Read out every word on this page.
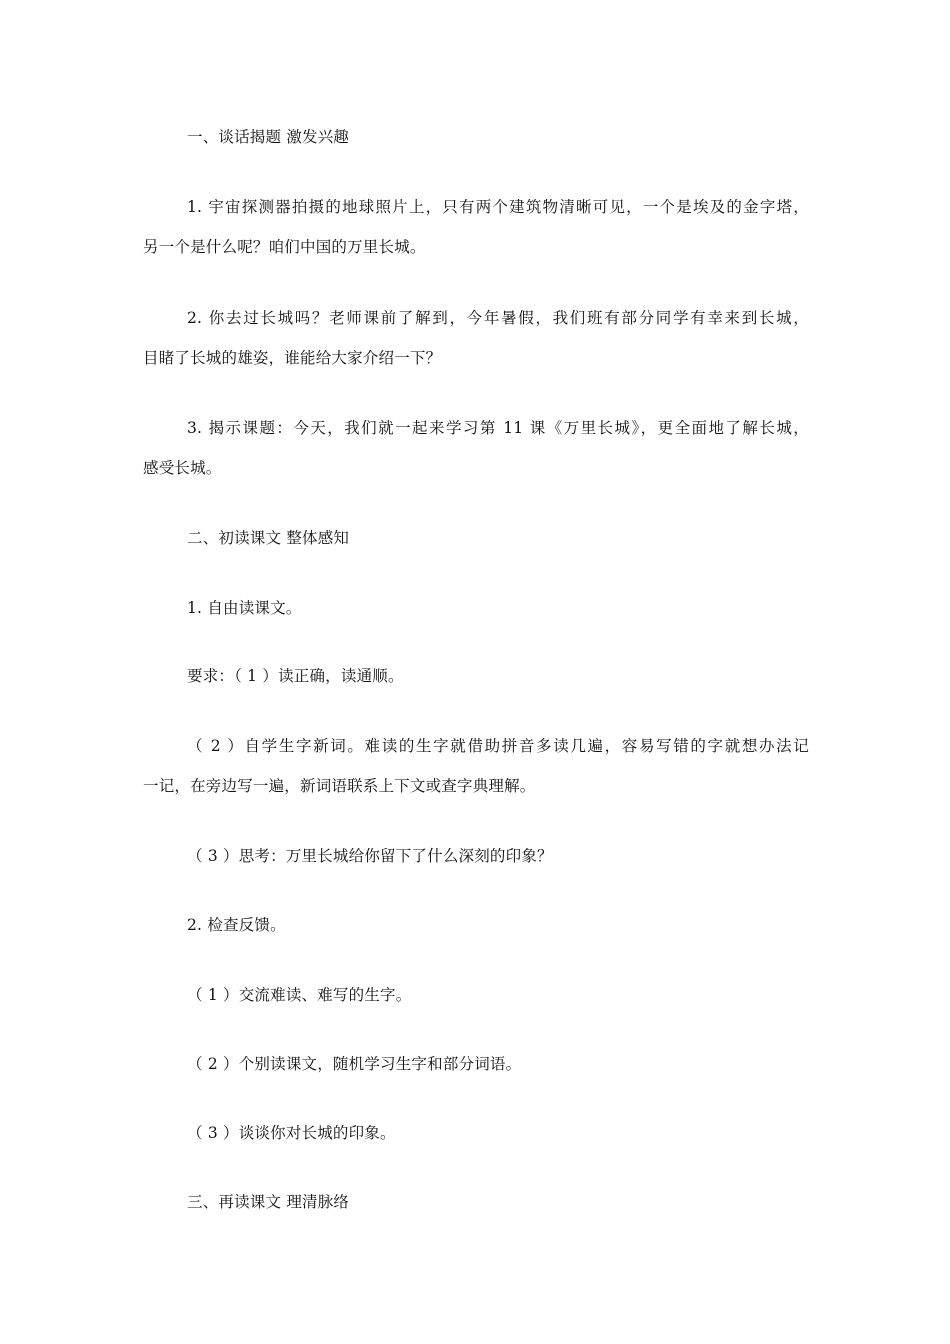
一、谈话揭题 激发兴趣
1. 宇宙探测器拍摄的地球照片上，只有两个建筑物清晰可见，一个是埃及的金字塔，
另一个是什么呢？咱们中国的万里长城。
2. 你去过长城吗？老师课前了解到，今年暑假，我们班有部分同学有幸来到长城，
目睹了长城的雄姿，谁能给大家介绍一下？
3. 揭示课题：今天，我们就一起来学习第 11 课《万里长城》，更全面地了解长城，
感受长城。
二、初读课文 整体感知
1. 自由读课文。
要求：（ 1 ）读正确，读通顺。
（ 2 ）自学生字新词。难读的生字就借助拼音多读几遍，容易写错的字就想办法记
一记，在旁边写一遍，新词语联系上下文或查字典理解。
（ 3 ）思考：万里长城给你留下了什么深刻的印象？
2. 检查反馈。
（ 1 ）交流难读、难写的生字。
（ 2 ）个别读课文，随机学习生字和部分词语。
（ 3 ）谈谈你对长城的印象。
三、再读课文 理清脉络
